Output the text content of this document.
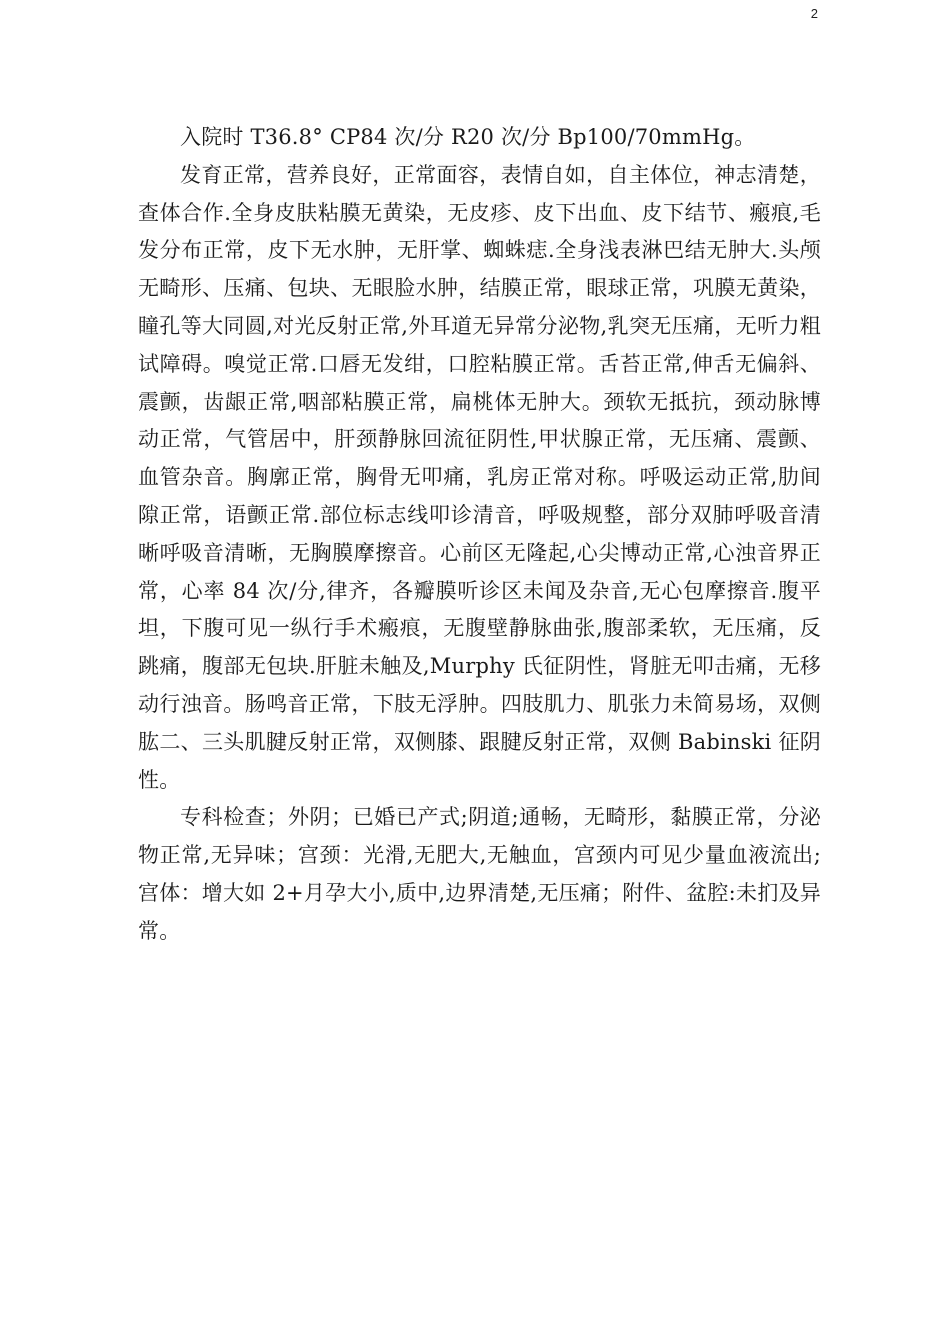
2

入院时 T36.8° CP84 次/分 R20 次/分 Bp100/70mmHg。

发育正常，营养良好，正常面容，表情自如，自主体位，神志清楚，查体合作.全身皮肤粘膜无黄染，无皮疹、皮下出血、皮下结节、瘢痕,毛发分布正常，皮下无水肿，无肝掌、蜘蛛痣.全身浅表淋巴结无肿大.头颅无畸形、压痛、包块、无眼脸水肿，结膜正常，眼球正常，巩膜无黄染，瞳孔等大同圆,对光反射正常,外耳道无异常分泌物,乳突无压痛，无听力粗试障碍。嗅觉正常.口唇无发绀，口腔粘膜正常。舌苔正常,伸舌无偏斜、震颤，齿龈正常,咽部粘膜正常，扁桃体无肿大。颈软无抵抗，颈动脉博动正常，气管居中，肝颈静脉回流征阴性,甲状腺正常，无压痛、震颤、血管杂音。胸廓正常，胸骨无叩痛，乳房正常对称。呼吸运动正常,肋间隙正常，语颤正常.部位标志线叩诊清音，呼吸规整，部分双肺呼吸音清晰呼吸音清晰，无胸膜摩擦音。心前区无隆起,心尖博动正常,心浊音界正常，心率 84 次/分,律齐，各瓣膜听诊区未闻及杂音,无心包摩擦音.腹平坦，下腹可见一纵行手术瘢痕，无腹壁静脉曲张,腹部柔软，无压痛，反跳痛，腹部无包块.肝脏未触及,Murphy 氏征阴性，肾脏无叩击痛，无移动行浊音。肠鸣音正常，下肢无浮肿。四肢肌力、肌张力未简易场，双侧肱二、三头肌腱反射正常，双侧膝、跟腱反射正常，双侧 Babinski 征阴性。

专科检查；外阴；已婚已产式;阴道;通畅，无畸形，黏膜正常，分泌物正常,无异味；宫颈：光滑,无肥大,无触血，宫颈内可见少量血液流出;宫体：增大如 2+月孕大小,质中,边界清楚,无压痛；附件、盆腔:未扪及异常。
